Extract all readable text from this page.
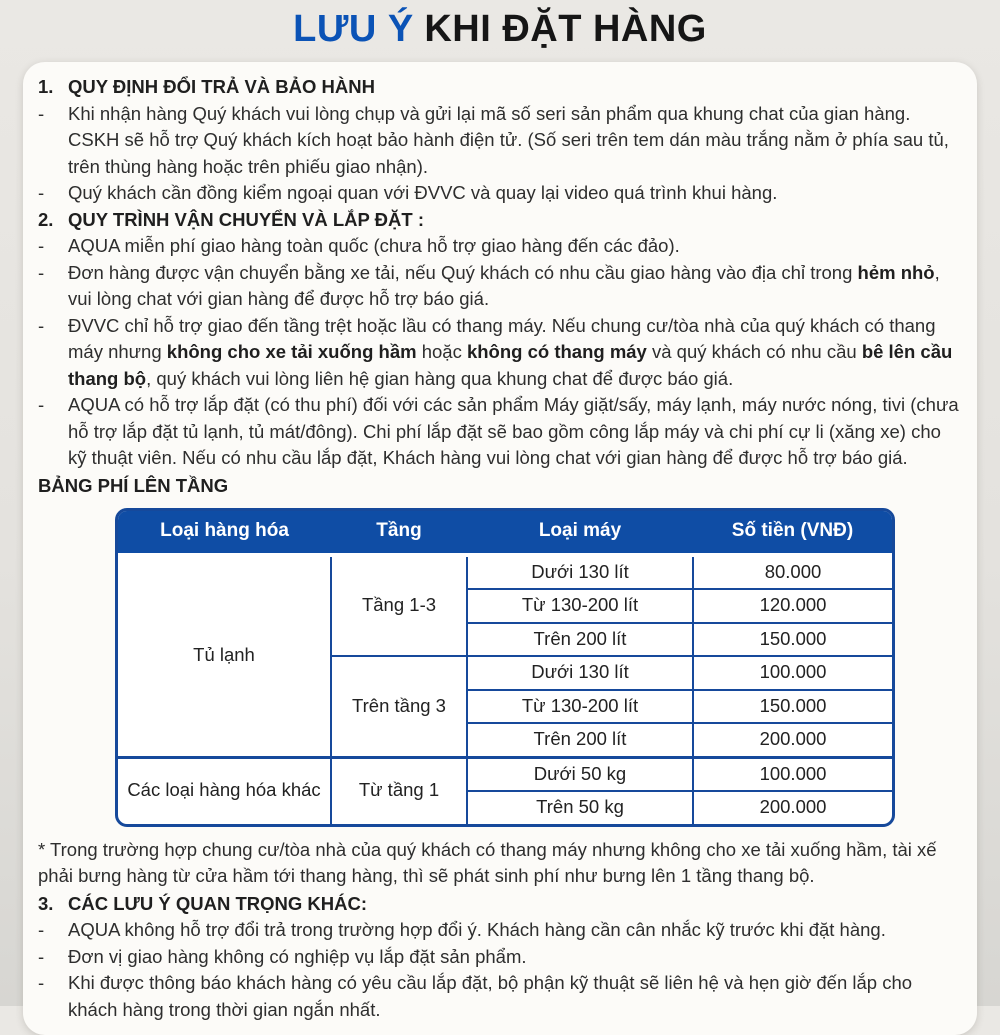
LƯU Ý KHI ĐẶT HÀNG
1. QUY ĐỊNH ĐỔI TRẢ VÀ BẢO HÀNH
-	Khi nhận hàng Quý khách vui lòng chụp và gửi lại mã số seri sản phẩm qua khung chat của gian hàng. CSKH sẽ hỗ trợ Quý khách kích hoạt bảo hành điện tử. (Số seri trên tem dán màu trắng nằm ở phía sau tủ, trên thùng hàng hoặc trên phiếu giao nhận).
-	Quý khách cần đồng kiểm ngoại quan với ĐVVC và quay lại video quá trình khui hàng.
2. QUY TRÌNH VẬN CHUYỂN VÀ LẮP ĐẶT :
-	AQUA miễn phí giao hàng toàn quốc (chưa hỗ trợ giao hàng đến các đảo).
-	Đơn hàng được vận chuyển bằng xe tải, nếu Quý khách có nhu cầu giao hàng vào địa chỉ trong hẻm nhỏ, vui lòng chat với gian hàng để được hỗ trợ báo giá.
-	ĐVVC chỉ hỗ trợ giao đến tầng trệt hoặc lầu có thang máy. Nếu chung cư/tòa nhà của quý khách có thang máy nhưng không cho xe tải xuống hầm hoặc không có thang máy và quý khách có nhu cầu bê lên cầu thang bộ, quý khách vui lòng liên hệ gian hàng qua khung chat để được báo giá.
-	AQUA có hỗ trợ lắp đặt (có thu phí) đối với các sản phẩm Máy giặt/sấy, máy lạnh, máy nước nóng, tivi (chưa hỗ trợ lắp đặt tủ lạnh, tủ mát/đông). Chi phí lắp đặt sẽ bao gồm công lắp máy và chi phí cự li (xăng xe) cho kỹ thuật viên. Nếu có nhu cầu lắp đặt, Khách hàng vui lòng chat với gian hàng để được hỗ trợ báo giá.
BẢNG PHÍ LÊN TẦNG
Loại hàng hóa	Tầng	Loại máy	Số tiền (VNĐ)
Tủ lạnh	Tầng 1-3	Dưới 130 lít	80.000
		Từ 130-200 lít	120.000
		Trên 200 lít	150.000
	Trên tầng 3	Dưới 130 lít	100.000
		Từ 130-200 lít	150.000
		Trên 200 lít	200.000
Các loại hàng hóa khác	Từ tầng 1	Dưới 50 kg	100.000
		Trên 50 kg	200.000
* Trong trường hợp chung cư/tòa nhà của quý khách có thang máy nhưng không cho xe tải xuống hầm, tài xế phải bưng hàng từ cửa hầm tới thang hàng, thì sẽ phát sinh phí như bưng lên 1 tầng thang bộ.
3. CÁC LƯU Ý QUAN TRỌNG KHÁC:
-	AQUA không hỗ trợ đổi trả trong trường hợp đổi ý. Khách hàng cần cân nhắc kỹ trước khi đặt hàng.
-	Đơn vị giao hàng không có nghiệp vụ lắp đặt sản phẩm.
-	Khi được thông báo khách hàng có yêu cầu lắp đặt, bộ phận kỹ thuật sẽ liên hệ và hẹn giờ đến lắp cho khách hàng trong thời gian ngắn nhất.
